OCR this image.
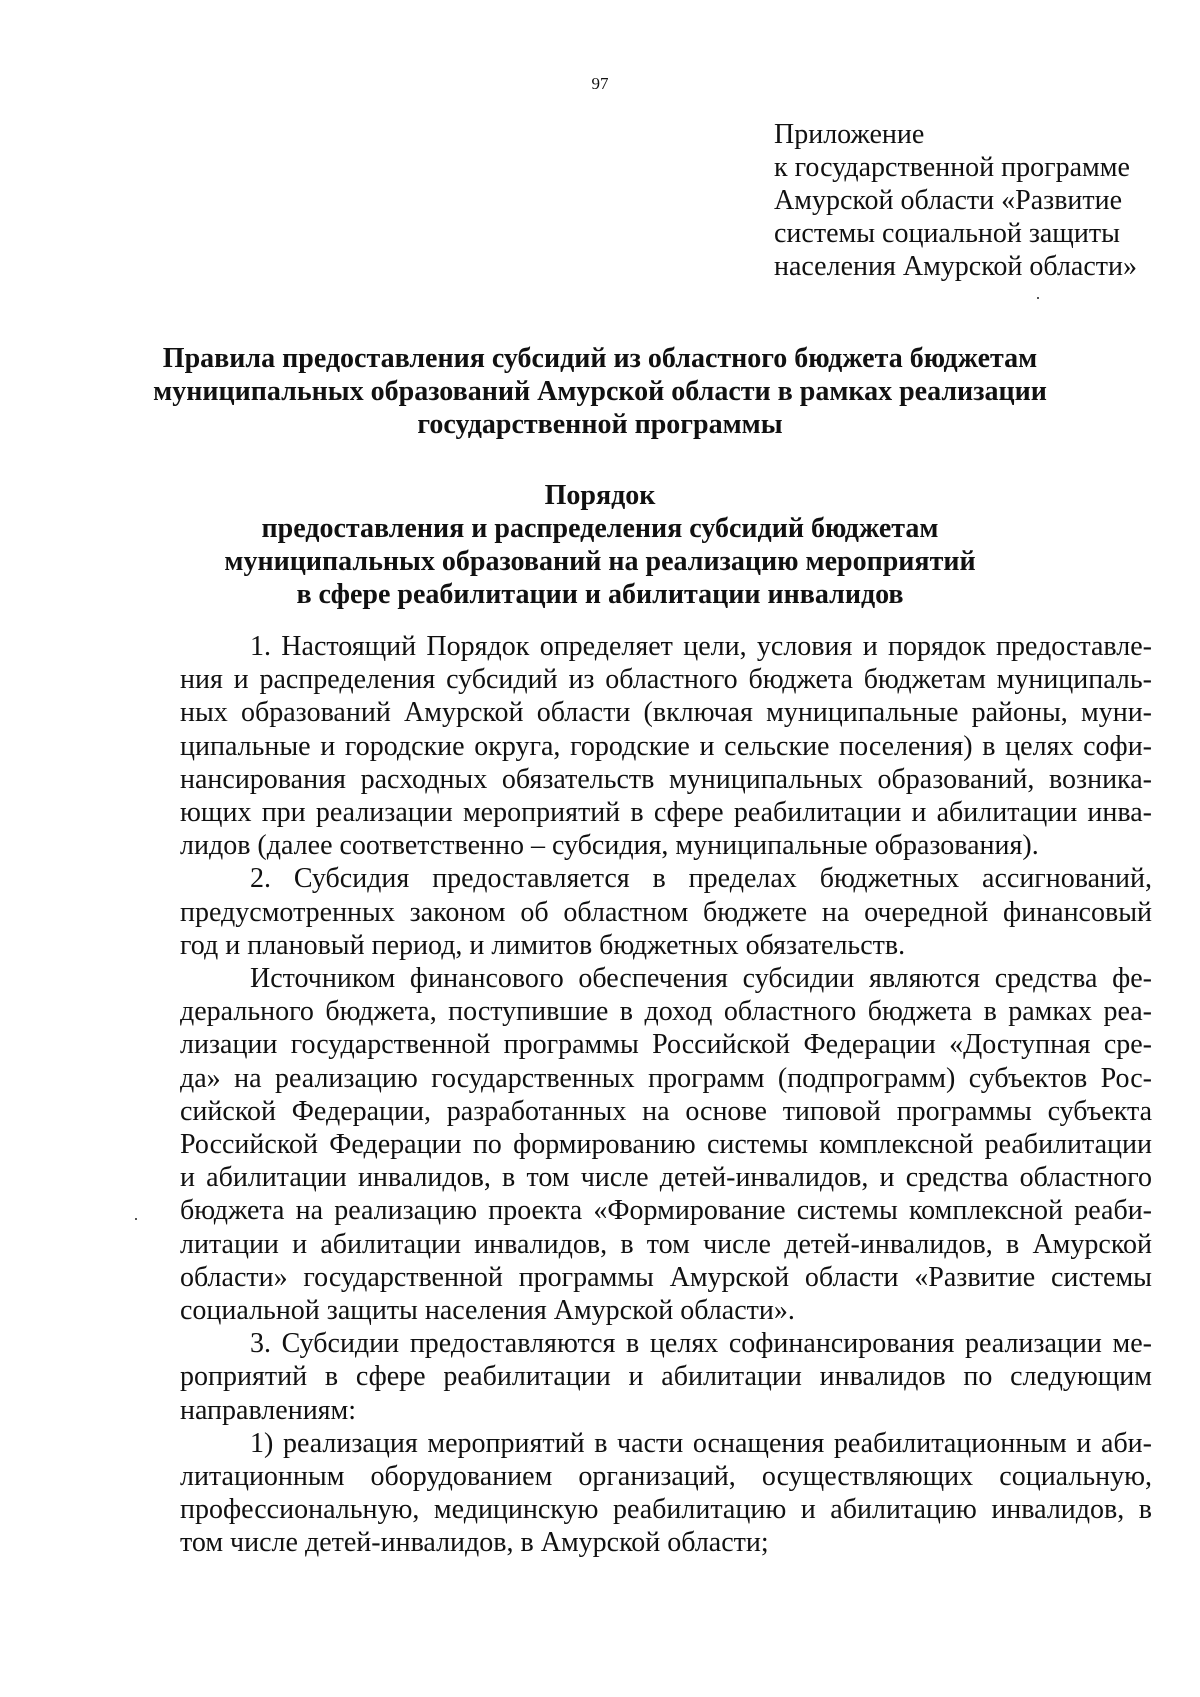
97
Приложение
к государственной программе
Амурской области «Развитие
системы социальной защиты
населения Амурской области»
Правила предоставления субсидий из областного бюджета бюджетам
муниципальных образований Амурской области в рамках реализации
государственной программы
Порядок
предоставления и распределения субсидий бюджетам
муниципальных образований на реализацию мероприятий
в сфере реабилитации и абилитации инвалидов

1. Настоящий Порядок определяет цели, условия и порядок предоставле-
ния и распределения субсидий из областного бюджета бюджетам муниципаль-
ных образований Амурской области (включая муниципальные районы, муни-
ципальные и городские округа, городские и сельские поселения) в целях софи-
нансирования расходных обязательств муниципальных образований, возника-
ющих при реализации мероприятий в сфере реабилитации и абилитации инва-
лидов (далее соответственно – субсидия, муниципальные образования).

2. Субсидия предоставляется в пределах бюджетных ассигнований,
предусмотренных законом об областном бюджете на очередной финансовый
год и плановый период, и лимитов бюджетных обязательств.

Источником финансового обеспечения субсидии являются средства фе-
дерального бюджета, поступившие в доход областного бюджета в рамках реа-
лизации государственной программы Российской Федерации «Доступная сре-
да» на реализацию государственных программ (подпрограмм) субъектов Рос-
сийской Федерации, разработанных на основе типовой программы субъекта
Российской Федерации по формированию системы комплексной реабилитации
и абилитации инвалидов, в том числе детей-инвалидов, и средства областного
бюджета на реализацию проекта «Формирование системы комплексной реаби-
литации и абилитации инвалидов, в том числе детей-инвалидов, в Амурской
области» государственной программы Амурской области «Развитие системы
социальной защиты населения Амурской области».

3. Субсидии предоставляются в целях софинансирования реализации ме-
роприятий в сфере реабилитации и абилитации инвалидов по следующим
направлениям:

1) реализация мероприятий в части оснащения реабилитационным и аби-
литационным оборудованием организаций, осуществляющих социальную,
профессиональную, медицинскую реабилитацию и абилитацию инвалидов, в
том числе детей-инвалидов, в Амурской области;
